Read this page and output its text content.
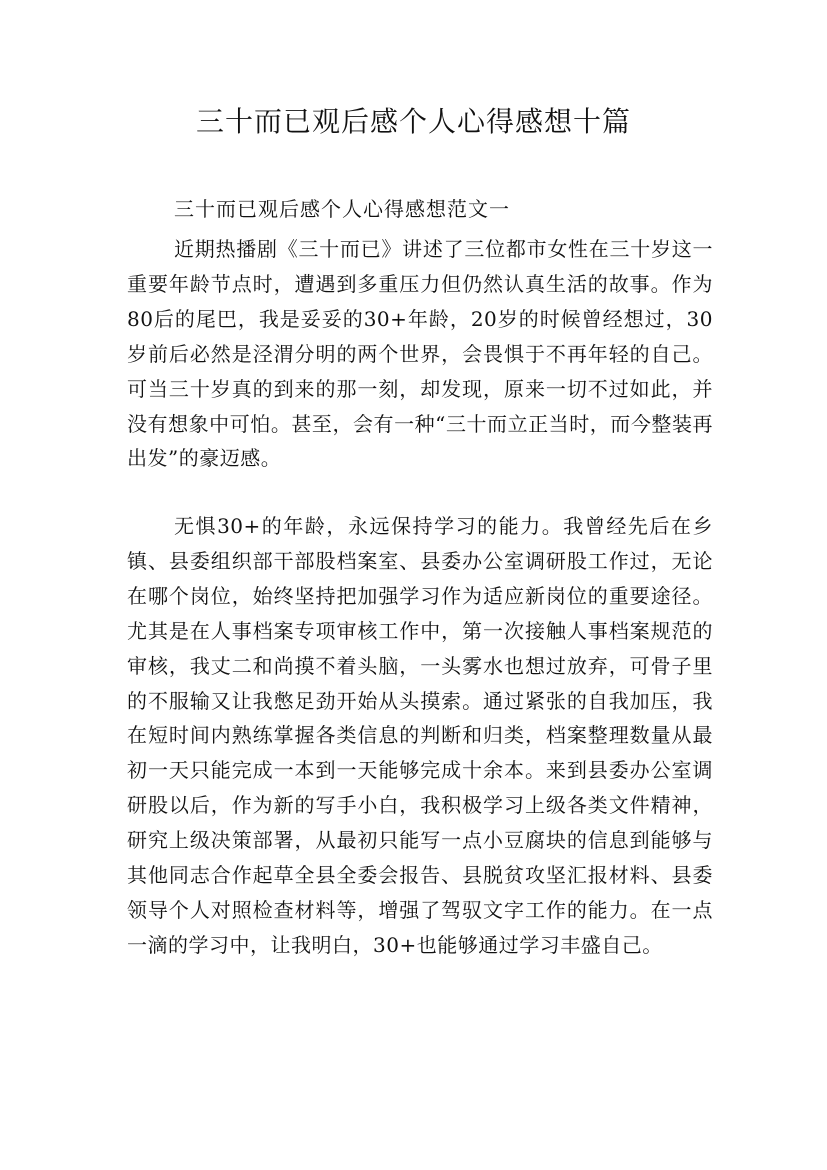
三十而已观后感个人心得感想十篇

三十而已观后感个人心得感想范文一

近期热播剧《三十而已》讲述了三位都市女性在三十岁这一重要年龄节点时，遭遇到多重压力但仍然认真生活的故事。作为80后的尾巴，我是妥妥的30+年龄，20岁的时候曾经想过，30岁前后必然是泾渭分明的两个世界，会畏惧于不再年轻的自己。可当三十岁真的到来的那一刻，却发现，原来一切不过如此，并没有想象中可怕。甚至，会有一种“三十而立正当时，而今整装再出发”的豪迈感。

无惧30+的年龄，永远保持学习的能力。我曾经先后在乡镇、县委组织部干部股档案室、县委办公室调研股工作过，无论在哪个岗位，始终坚持把加强学习作为适应新岗位的重要途径。尤其是在人事档案专项审核工作中，第一次接触人事档案规范的审核，我丈二和尚摸不着头脑，一头雾水也想过放弃，可骨子里的不服输又让我憋足劲开始从头摸索。通过紧张的自我加压，我在短时间内熟练掌握各类信息的判断和归类，档案整理数量从最初一天只能完成一本到一天能够完成十余本。来到县委办公室调研股以后，作为新的写手小白，我积极学习上级各类文件精神，研究上级决策部署，从最初只能写一点小豆腐块的信息到能够与其他同志合作起草全县全委会报告、县脱贫攻坚汇报材料、县委领导个人对照检查材料等，增强了驾驭文字工作的能力。在一点一滴的学习中，让我明白，30+也能够通过学习丰盛自己。
